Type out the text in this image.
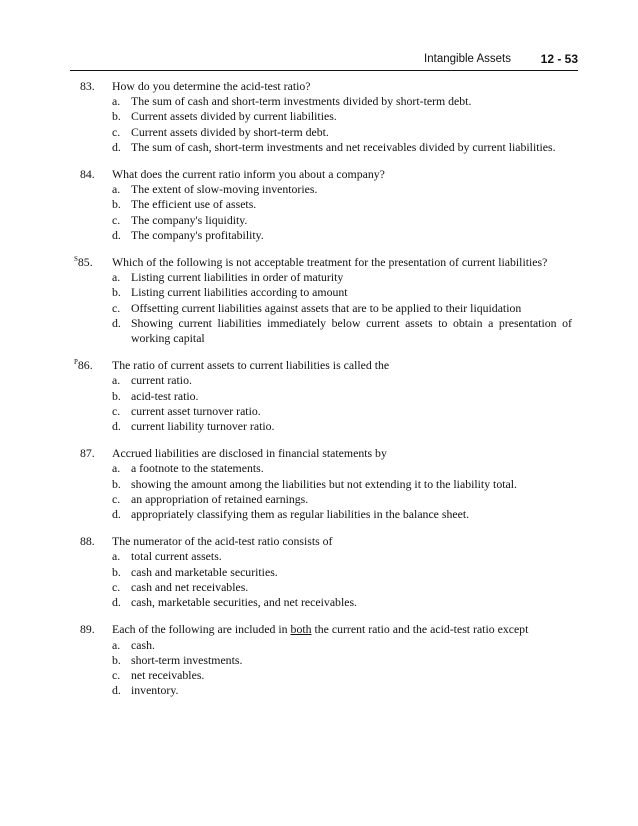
Intangible Assets 12 - 53
83.	How do you determine the acid-test ratio?
a. The sum of cash and short-term investments divided by short-term debt.
b. Current assets divided by current liabilities.
c. Current assets divided by short-term debt.
d. The sum of cash, short-term investments and net receivables divided by current liabilities.
84.	What does the current ratio inform you about a company?
a. The extent of slow-moving inventories.
b. The efficient use of assets.
c. The company's liquidity.
d. The company's profitability.
$^S$85.	Which of the following is not acceptable treatment for the presentation of current liabilities?
a. Listing current liabilities in order of maturity
b. Listing current liabilities according to amount
c. Offsetting current liabilities against assets that are to be applied to their liquidation
d. Showing current liabilities immediately below current assets to obtain a presentation of working capital
$^P$86.	The ratio of current assets to current liabilities is called the
a. current ratio.
b. acid-test ratio.
c. current asset turnover ratio.
d. current liability turnover ratio.
87.	Accrued liabilities are disclosed in financial statements by
a. a footnote to the statements.
b. showing the amount among the liabilities but not extending it to the liability total.
c. an appropriation of retained earnings.
d. appropriately classifying them as regular liabilities in the balance sheet.
88.	The numerator of the acid-test ratio consists of
a. total current assets.
b. cash and marketable securities.
c. cash and net receivables.
d. cash, marketable securities, and net receivables.
89.	Each of the following are included in both the current ratio and the acid-test ratio except
a. cash.
b. short-term investments.
c. net receivables.
d. inventory.
